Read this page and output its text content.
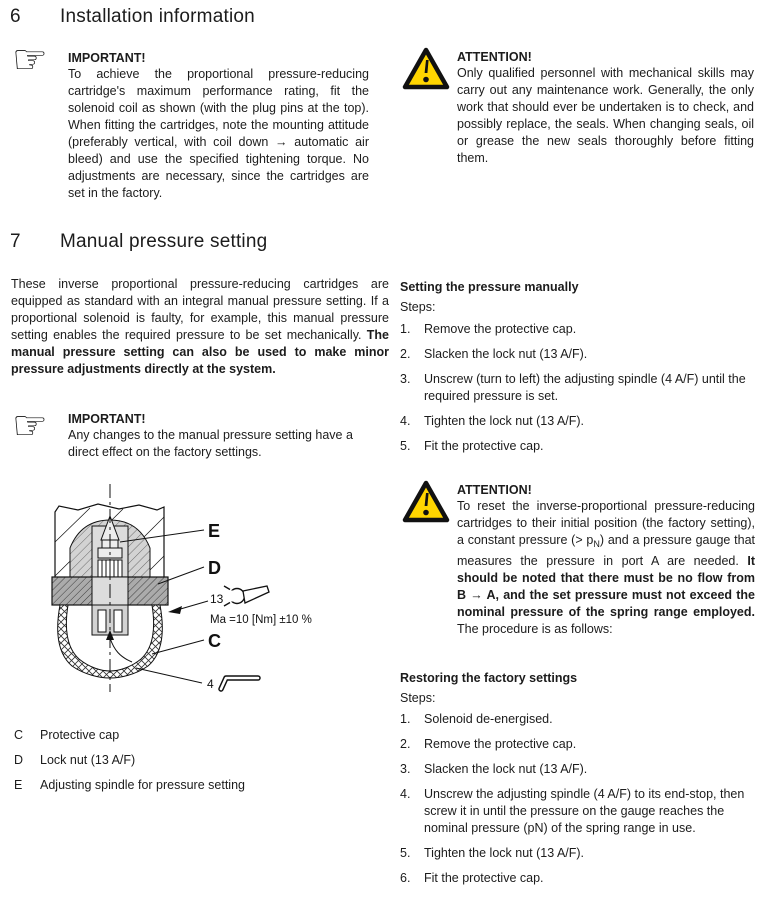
6 Installation information
☞ IMPORTANT!
To achieve the proportional pressure-reducing cartridge's maximum performance rating, fit the solenoid coil as shown (with the plug pins at the top). When fitting the cartridges, note the mounting attitude (preferably vertical, with coil down → automatic air bleed) and use the specified tightening torque. No adjustments are necessary, since the cartridges are set in the factory.
ATTENTION!
Only qualified personnel with mechanical skills may carry out any maintenance work. Generally, the only work that should ever be undertaken is to check, and possibly replace, the seals. When changing seals, oil or grease the new seals thoroughly before fitting them.
7 Manual pressure setting
These inverse proportional pressure-reducing cartridges are equipped as standard with an integral manual pressure setting. If a proportional solenoid is faulty, for example, this manual pressure setting enables the required pressure to be set mechanically. The manual pressure setting can also be used to make minor pressure adjustments directly at the system.
☞ IMPORTANT!
Any changes to the manual pressure setting have a direct effect on the factory settings.
E
D
13
Ma =10 [Nm] ±10 %
C
4
C Protective cap
D Lock nut (13 A/F)
E Adjusting spindle for pressure setting
Setting the pressure manually
Steps:
Remove the protective cap.
Slacken the lock nut (13 A/F).
Unscrew (turn to left) the adjusting spindle (4 A/F) until the required pressure is set.
Tighten the lock nut (13 A/F).
Fit the protective cap.
ATTENTION!
To reset the inverse-proportional pressure-reducing cartridges to their initial position (the factory setting), a constant pressure (> $p_N$) and a pressure gauge that measures the pressure in port A are needed. It should be noted that there must be no flow from B → A, and the set pressure must not exceed the nominal pressure of the spring range employed. The procedure is as follows:
Restoring the factory settings
Steps:
Solenoid de-energised.
Remove the protective cap.
Slacken the lock nut (13 A/F).
Unscrew the adjusting spindle (4 A/F) to its end-stop, then screw it in until the pressure on the gauge reaches the nominal pressure (pN) of the spring range in use.
Tighten the lock nut (13 A/F).
Fit the protective cap.
